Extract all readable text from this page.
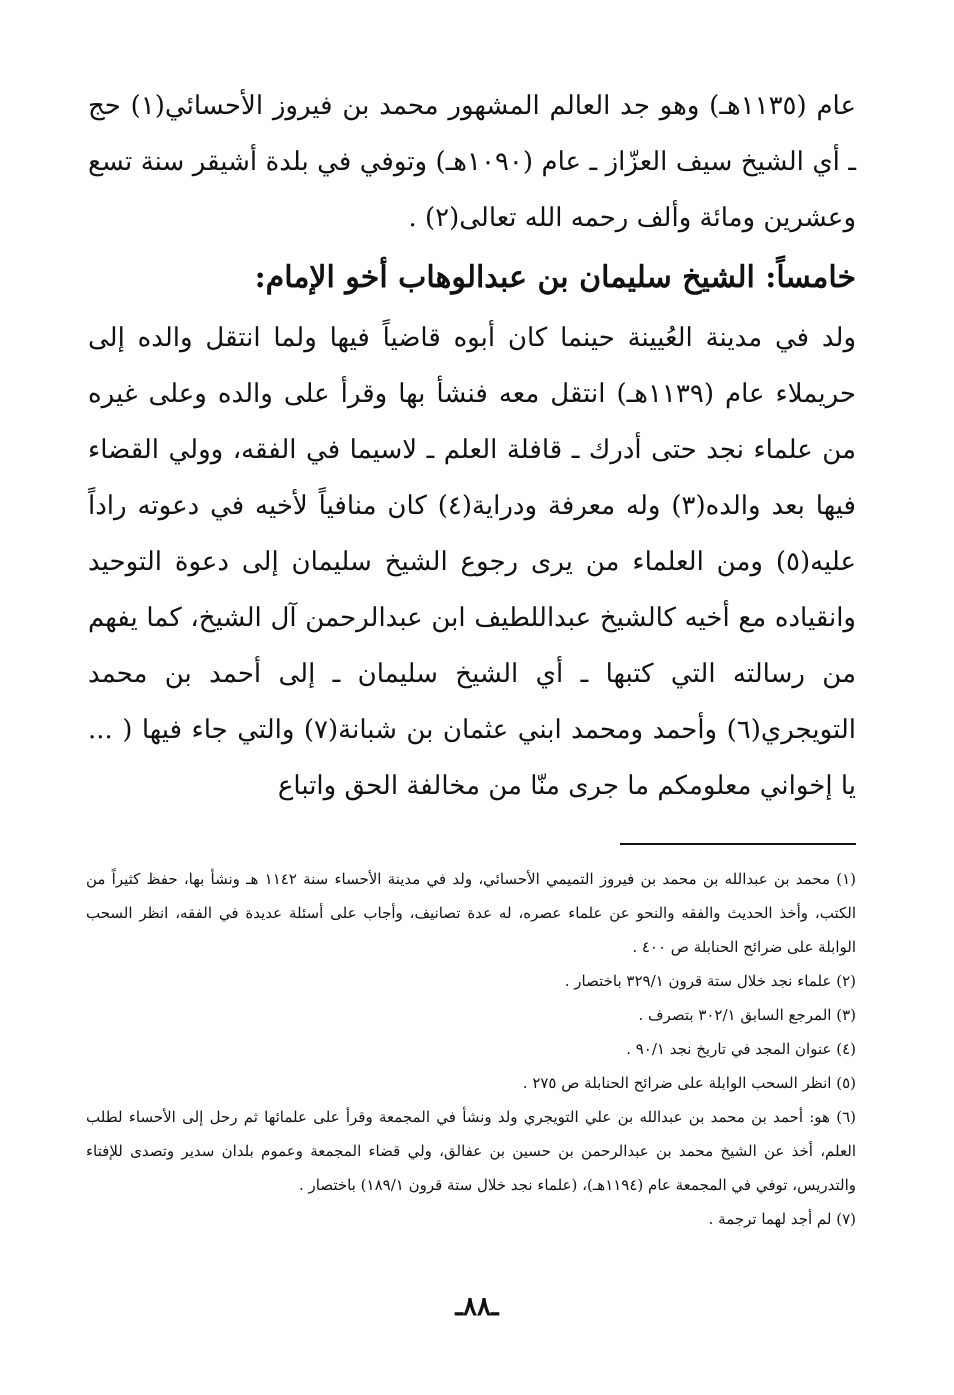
عام (١١٣٥هـ) وهو جد العالم المشهور محمد بن فيروز الأحسائي(١) حج ـ أي الشيخ سيف العزّاز ـ عام (١٠٩٠هـ) وتوفي في بلدة أشيقر سنة تسع وعشرين ومائة وألف رحمه الله تعالى(٢) .

خامساً: الشيخ سليمان بن عبدالوهاب أخو الإمام:

ولد في مدينة العُيينة حينما كان أبوه قاضياً فيها ولما انتقل والده إلى حريملاء عام (١١٣٩هـ) انتقل معه فنشأ بها وقرأ على والده وعلى غيره من علماء نجد حتى أدرك ـ قافلة العلم ـ لاسيما في الفقه، وولي القضاء فيها بعد والده(٣) وله معرفة ودراية(٤) كان منافياً لأخيه في دعوته راداً عليه(٥) ومن العلماء من يرى رجوع الشيخ سليمان إلى دعوة التوحيد وانقياده مع أخيه كالشيخ عبداللطيف ابن عبدالرحمن آل الشيخ، كما يفهم من رسالته التي كتبها ـ أي الشيخ سليمان ـ إلى أحمد بن محمد التويجري(٦) وأحمد ومحمد ابني عثمان بن شبانة(٧) والتي جاء فيها ( ... يا إخواني معلومكم ما جرى منّا من مخالفة الحق واتباع

(١) محمد بن عبدالله بن محمد بن فيروز التميمي الأحسائي، ولد في مدينة الأحساء سنة ١١٤٢ هـ ونشأ بها، حفظ كثيراً من الكتب، وأخذ الحديث والفقه والنحو عن علماء عصره، له عدة تصانيف، وأجاب على أسئلة عديدة في الفقه، انظر السحب الوابلة على ضرائح الحنابلة ص ٤٠٠ .

(٢) علماء نجد خلال ستة قرون ٣٢٩/١ باختصار .

(٣) المرجع السابق ٣٠٢/١ بتصرف .

(٤) عنوان المجد في تاريخ نجد ٩٠/١ .

(٥) انظر السحب الوابلة على ضرائح الحنابلة ص ٢٧٥ .

(٦) هو: أحمد بن محمد بن عبدالله بن علي التويجري ولد ونشأ في المجمعة وقرأ على علمائها ثم رحل إلى الأحساء لطلب العلم، أخذ عن الشيخ محمد بن عبدالرحمن بن حسين بن عفالق، ولي قضاء المجمعة وعموم بلدان سدير وتصدى للإفتاء والتدريس، توفي في المجمعة عام (١١٩٤هـ)، (علماء نجد خلال ستة قرون ١٨٩/١) باختصار .

(٧) لم أجد لهما ترجمة .

ـ٨٨ـ
